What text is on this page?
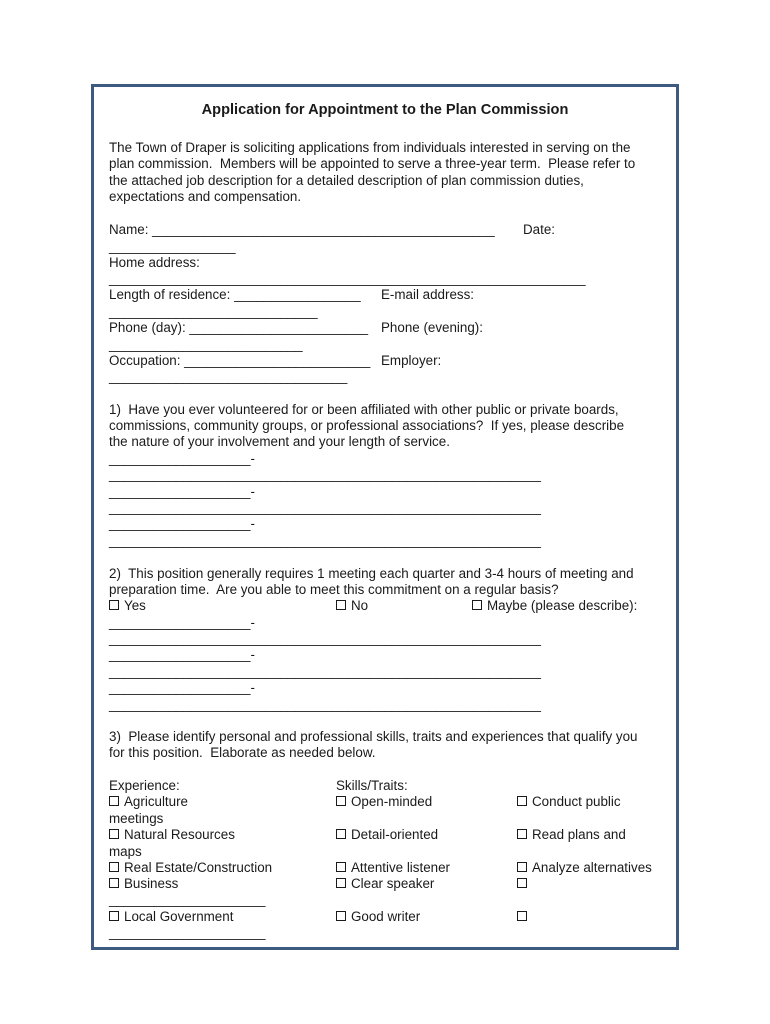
Application for Appointment to the Plan Commission
The Town of Draper is soliciting applications from individuals interested in serving on the
plan commission.  Members will be appointed to serve a three-year term.  Please refer to
the attached job description for a detailed description of plan commission duties,
expectations and compensation.
Name: ______________________________________________ Date:
_________________
Home address:
________________________________________________________________
Length of residence: _________________ E-mail address:
____________________________
Phone (day): ________________________ Phone (evening):
__________________________
Occupation: _________________________ Employer:
________________________________
1)  Have you ever volunteered for or been affiliated with other public or private boards,
commissions, community groups, or professional associations?  If yes, please describe
the nature of your involvement and your length of service.
___________________-
__________________________________________________________
___________________-
__________________________________________________________
___________________-
__________________________________________________________
2)  This position generally requires 1 meeting each quarter and 3-4 hours of meeting and
preparation time.  Are you able to meet this commitment on a regular basis?
Yes	No	Maybe (please describe):
___________________-
__________________________________________________________
___________________-
__________________________________________________________
___________________-
__________________________________________________________
3)  Please identify personal and professional skills, traits and experiences that qualify you
for this position.  Elaborate as needed below.
Experience:	Skills/Traits:
Agriculture	Open-minded	Conduct public
meetings
Natural Resources	Detail-oriented	Read plans and
maps
Real Estate/Construction	Attentive listener	Analyze alternatives
Business	Clear speaker
_____________________
Local Government	Good writer
_____________________
